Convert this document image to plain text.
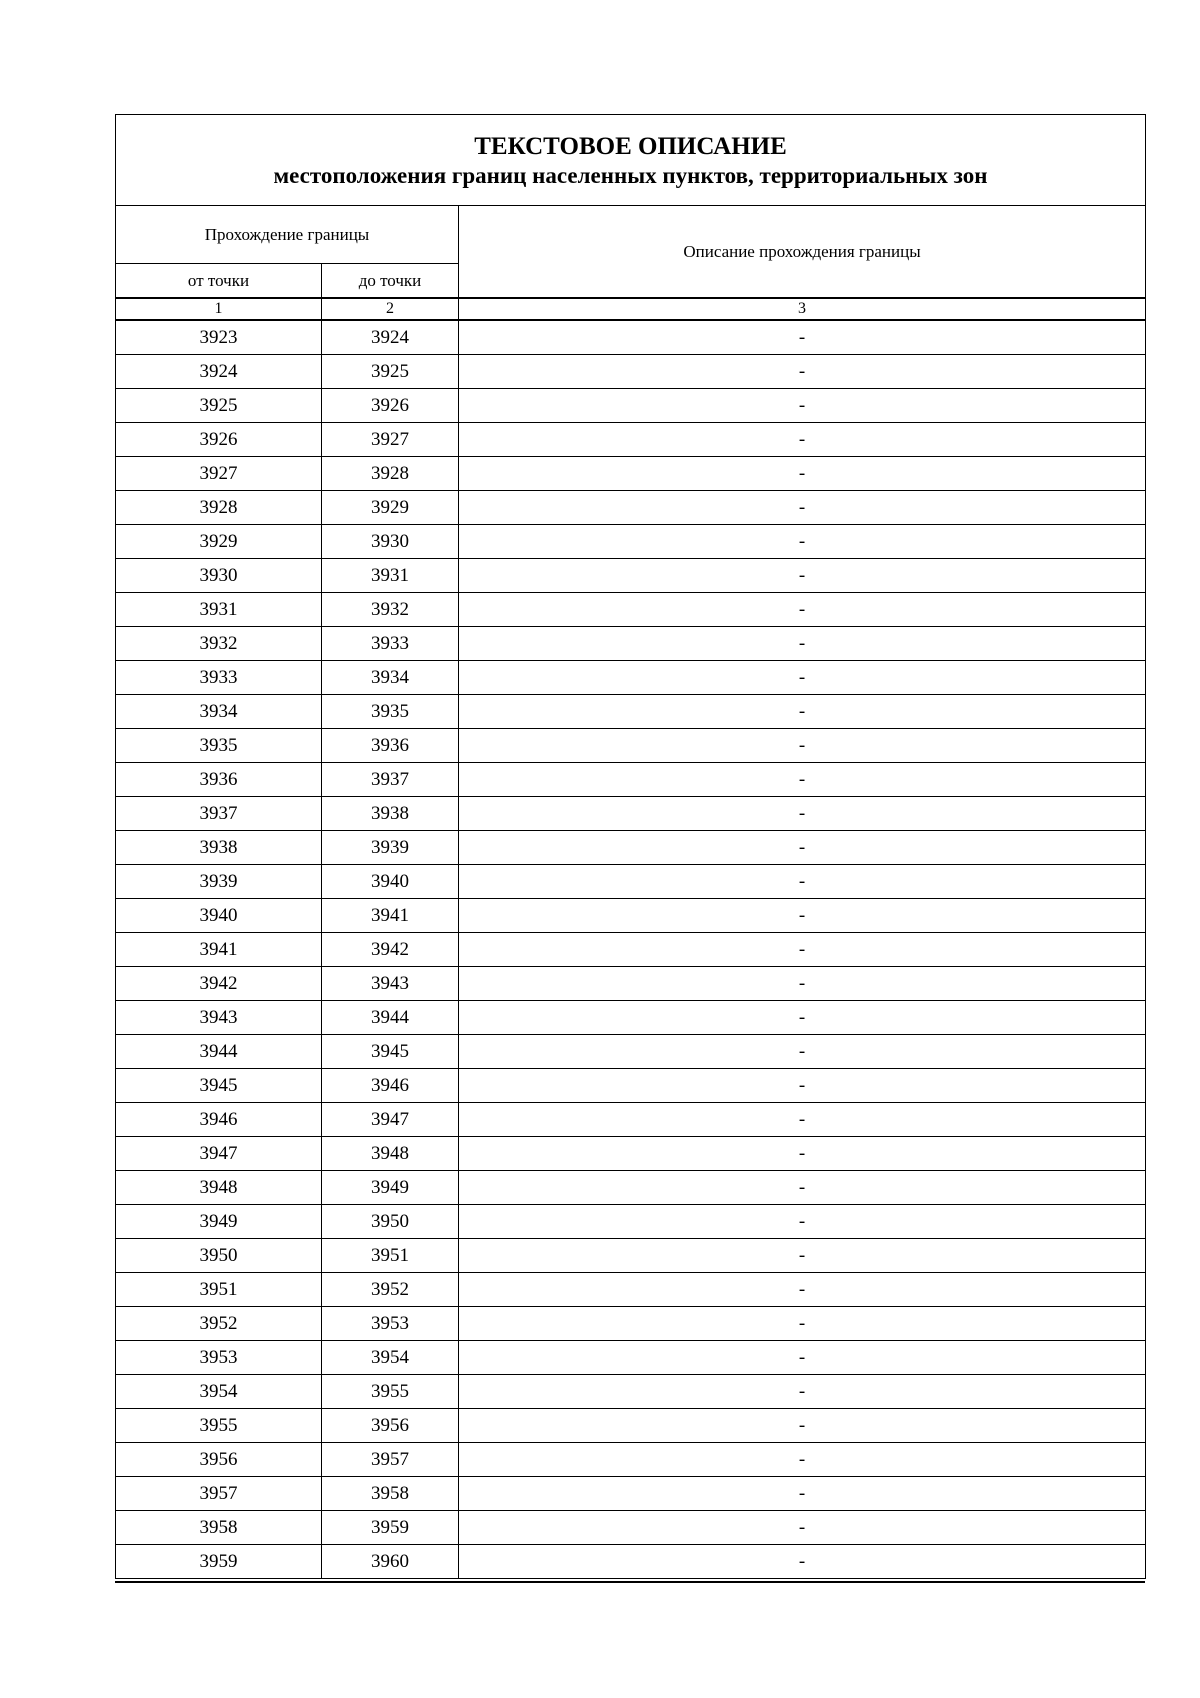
ТЕКСТОВОЕ ОПИСАНИЕ
местоположения границ населенных пунктов, территориальных зон		

Прохождение границы		Описание прохождения границы
от точки	до точки	
1	2	3
3923	3924	-
3924	3925	-
3925	3926	-
3926	3927	-
3927	3928	-
3928	3929	-
3929	3930	-
3930	3931	-
3931	3932	-
3932	3933	-
3933	3934	-
3934	3935	-
3935	3936	-
3936	3937	-
3937	3938	-
3938	3939	-
3939	3940	-
3940	3941	-
3941	3942	-
3942	3943	-
3943	3944	-
3944	3945	-
3945	3946	-
3946	3947	-
3947	3948	-
3948	3949	-
3949	3950	-
3950	3951	-
3951	3952	-
3952	3953	-
3953	3954	-
3954	3955	-
3955	3956	-
3956	3957	-
3957	3958	-
3958	3959	-
3959	3960	-
